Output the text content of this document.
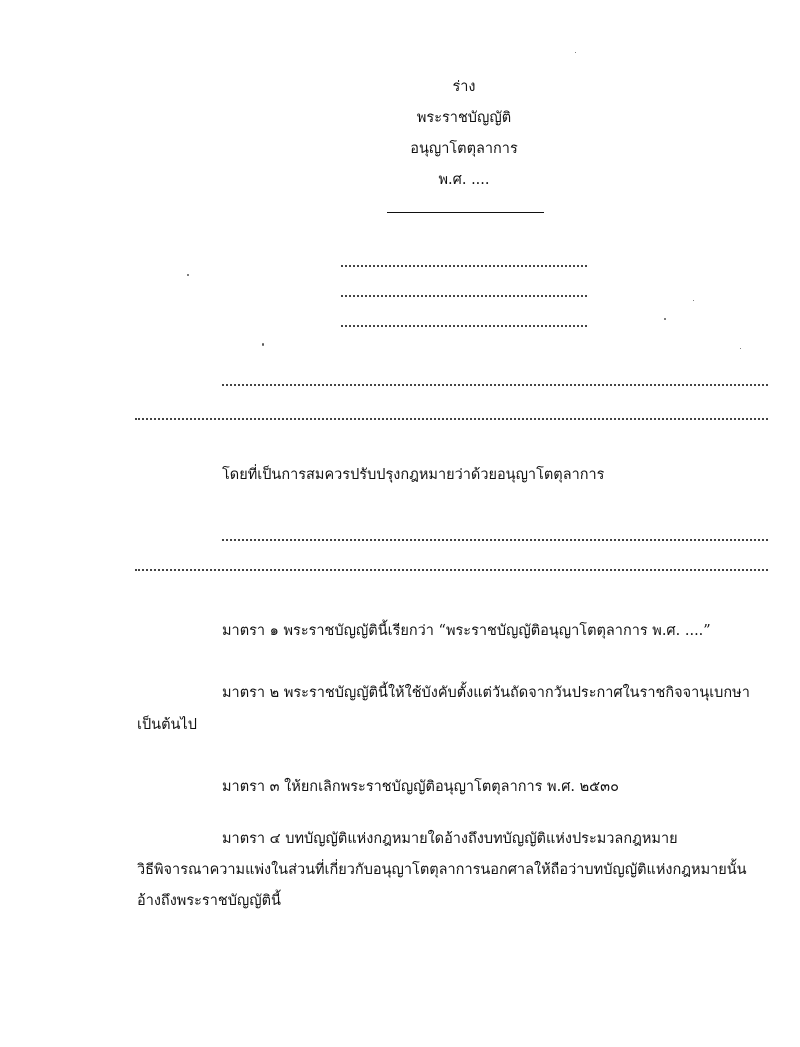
ร่าง
พระราชบัญญัติ
อนุญาโตตุลาการ
พ.ศ. ....
โดยที่เป็นการสมควรปรับปรุงกฎหมายว่าด้วยอนุญาโตตุลาการ
มาตรา ๑ พระราชบัญญัตินี้เรียกว่า “พระราชบัญญัติอนุญาโตตุลาการ พ.ศ. ....”
มาตรา ๒ พระราชบัญญัตินี้ให้ใช้บังคับตั้งแต่วันถัดจากวันประกาศในราชกิจจานุเบกษา
เป็นต้นไป
มาตรา ๓ ให้ยกเลิกพระราชบัญญัติอนุญาโตตุลาการ พ.ศ. ๒๕๓๐
มาตรา ๔ บทบัญญัติแห่งกฎหมายใดอ้างถึงบทบัญญัติแห่งประมวลกฎหมาย
วิธีพิจารณาความแพ่งในส่วนที่เกี่ยวกับอนุญาโตตุลาการนอกศาลให้ถือว่าบทบัญญัติแห่งกฎหมายนั้น
อ้างถึงพระราชบัญญัตินี้
